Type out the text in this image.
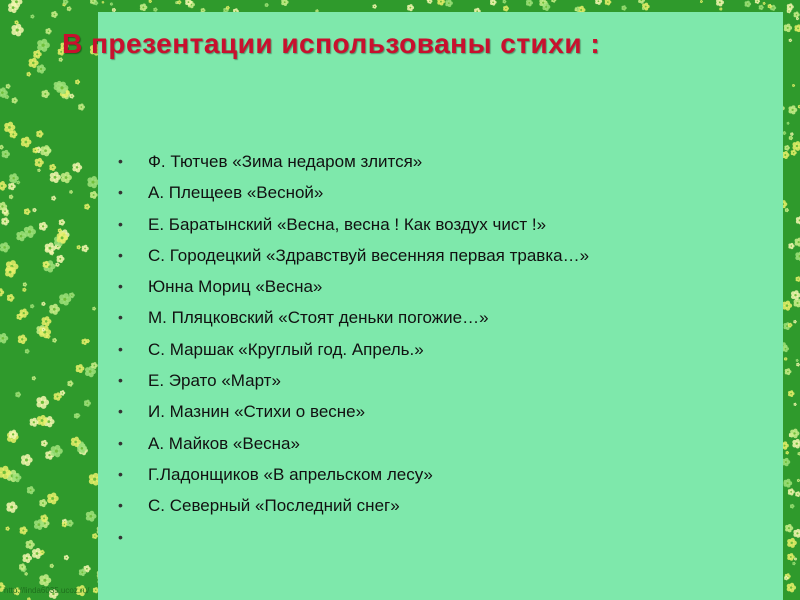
В презентации использованы стихи :
• Ф. Тютчев «Зима недаром злится»
• А. Плещеев «Весной»
• Е. Баратынский «Весна, весна ! Как воздух чист !»
• С. Городецкий «Здравствуй весенняя первая травка…»
• Юнна Мориц «Весна»
• М. Пляцковский «Стоят деньки погожие…»
• С. Маршак «Круглый год. Апрель.»
• Е. Эрато «Март»
• И. Мазнин «Стихи о весне»
• А. Майков «Весна»
• Г.Ладонщиков «В апрельском лесу»
• С. Северный «Последний снег»
•
http://linda6035.ucoz.ru/
